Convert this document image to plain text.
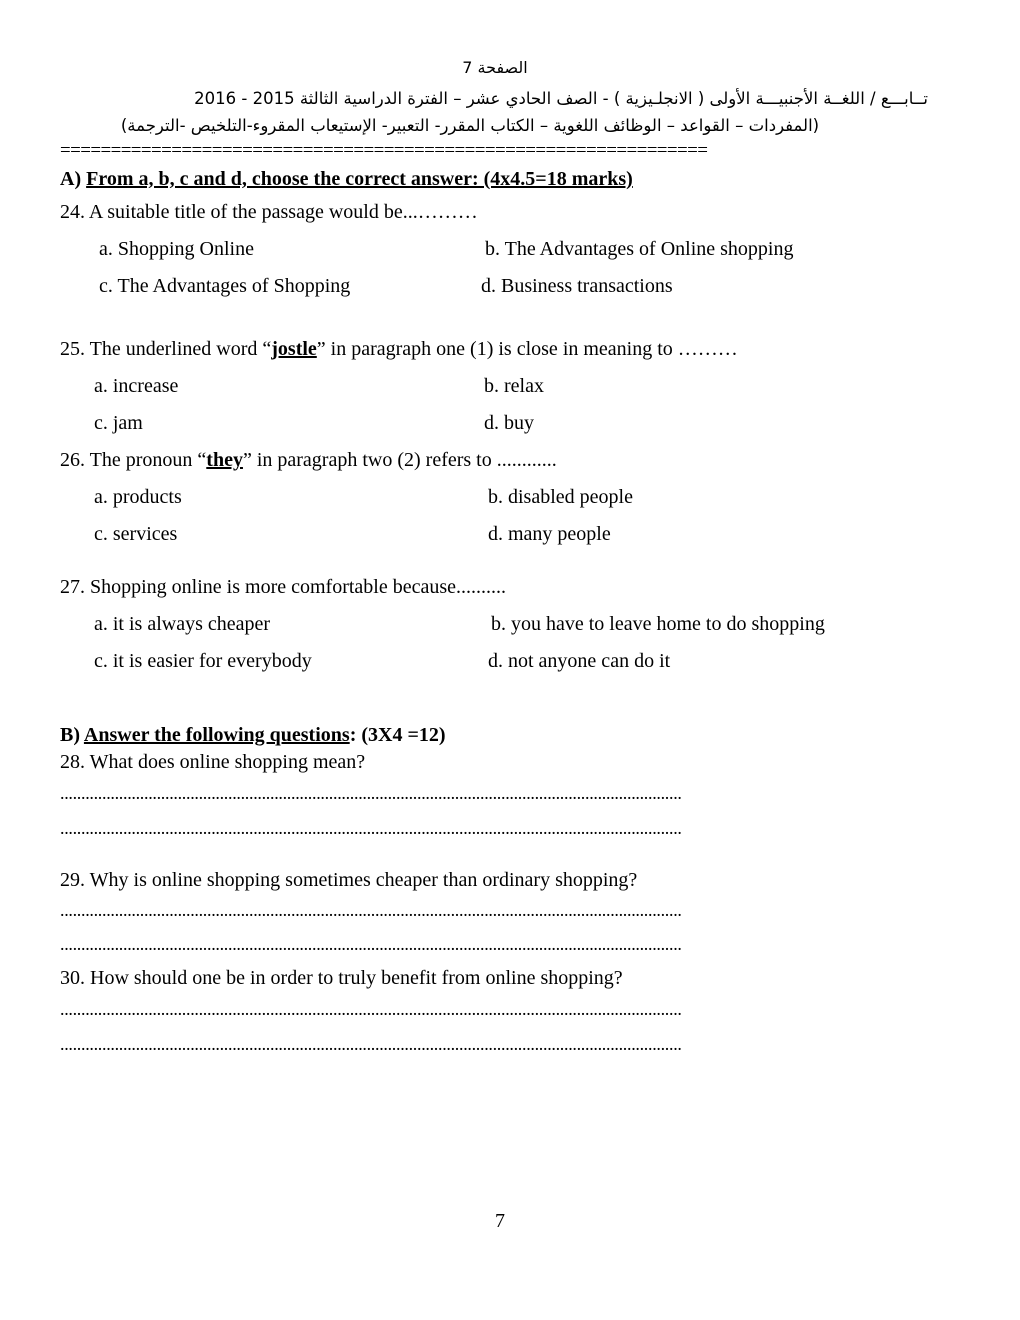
الصفحة 7
تــابـــع / اللغــة الأجنبيـــة الأولى ( الانجلـيزية ) - الصف الحادي عشر – الفترة الدراسية الثالثة 2015 - 2016
(المفردات – القواعد – الوظائف اللغوية – الكتاب المقرر- التعبير- الإستيعاب المقروء-التلخيص -الترجمة)
================================================================
A) From a, b, c and d, choose the correct answer: (4x4.5=18 marks)
24. A suitable title of the passage would be...………
a. Shopping Online	b. The Advantages of Online shopping
c. The Advantages of Shopping	d. Business transactions
25. The underlined word “jostle” in paragraph one (1) is close in meaning to ………
a. increase	b. relax
c. jam	d. buy
26. The pronoun “they” in paragraph two (2) refers to ............
a. products	b. disabled people
c. services	d. many people
27. Shopping online is more comfortable because..........
a. it is always cheaper	b. you have to leave home to do shopping
c. it is easier for everybody	d. not anyone can do it
B) Answer the following questions: (3X4 =12)
28. What does online shopping mean?
....................................................................................................................................................
....................................................................................................................................................
29. Why is online shopping sometimes cheaper than ordinary shopping?
....................................................................................................................................................
....................................................................................................................................................
30. How should one be in order to truly benefit from online shopping?
....................................................................................................................................................
....................................................................................................................................................
7
